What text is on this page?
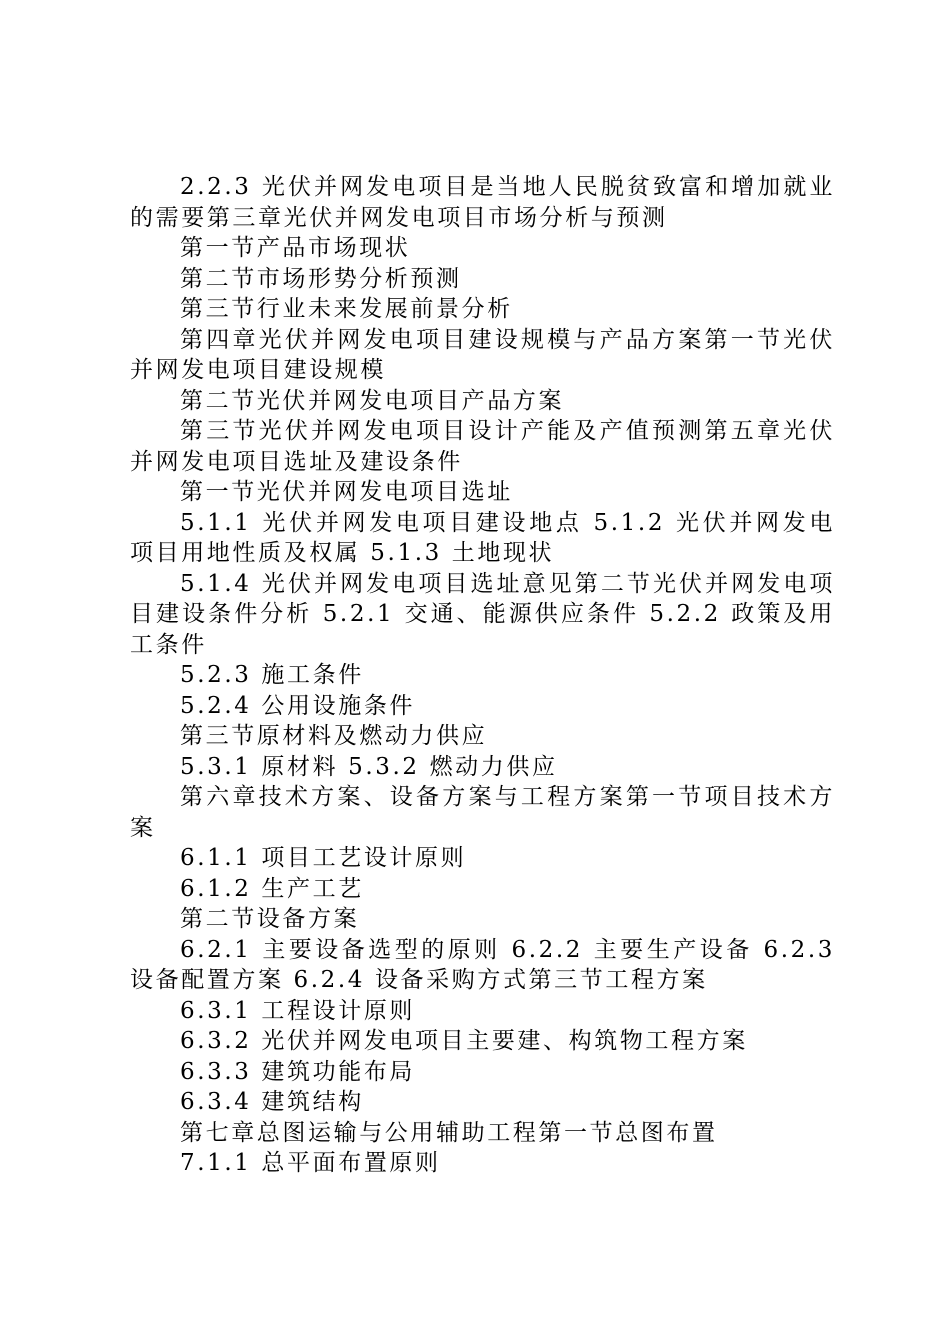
2.2.3 光伏并网发电项目是当地人民脱贫致富和增加就业的需要第三章光伏并网发电项目市场分析与预测

第一节产品市场现状

第二节市场形势分析预测

第三节行业未来发展前景分析

第四章光伏并网发电项目建设规模与产品方案第一节光伏并网发电项目建设规模

第二节光伏并网发电项目产品方案

第三节光伏并网发电项目设计产能及产值预测第五章光伏并网发电项目选址及建设条件

第一节光伏并网发电项目选址

5.1.1 光伏并网发电项目建设地点 5.1.2 光伏并网发电项目用地性质及权属 5.1.3 土地现状

5.1.4 光伏并网发电项目选址意见第二节光伏并网发电项目建设条件分析 5.2.1 交通、能源供应条件 5.2.2 政策及用工条件

5.2.3 施工条件

5.2.4 公用设施条件

第三节原材料及燃动力供应

5.3.1 原材料 5.3.2 燃动力供应

第六章技术方案、设备方案与工程方案第一节项目技术方案

6.1.1 项目工艺设计原则

6.1.2 生产工艺

第二节设备方案

6.2.1 主要设备选型的原则 6.2.2 主要生产设备 6.2.3 设备配置方案 6.2.4 设备采购方式第三节工程方案

6.3.1 工程设计原则

6.3.2 光伏并网发电项目主要建、构筑物工程方案

6.3.3 建筑功能布局

6.3.4 建筑结构

第七章总图运输与公用辅助工程第一节总图布置

7.1.1 总平面布置原则
